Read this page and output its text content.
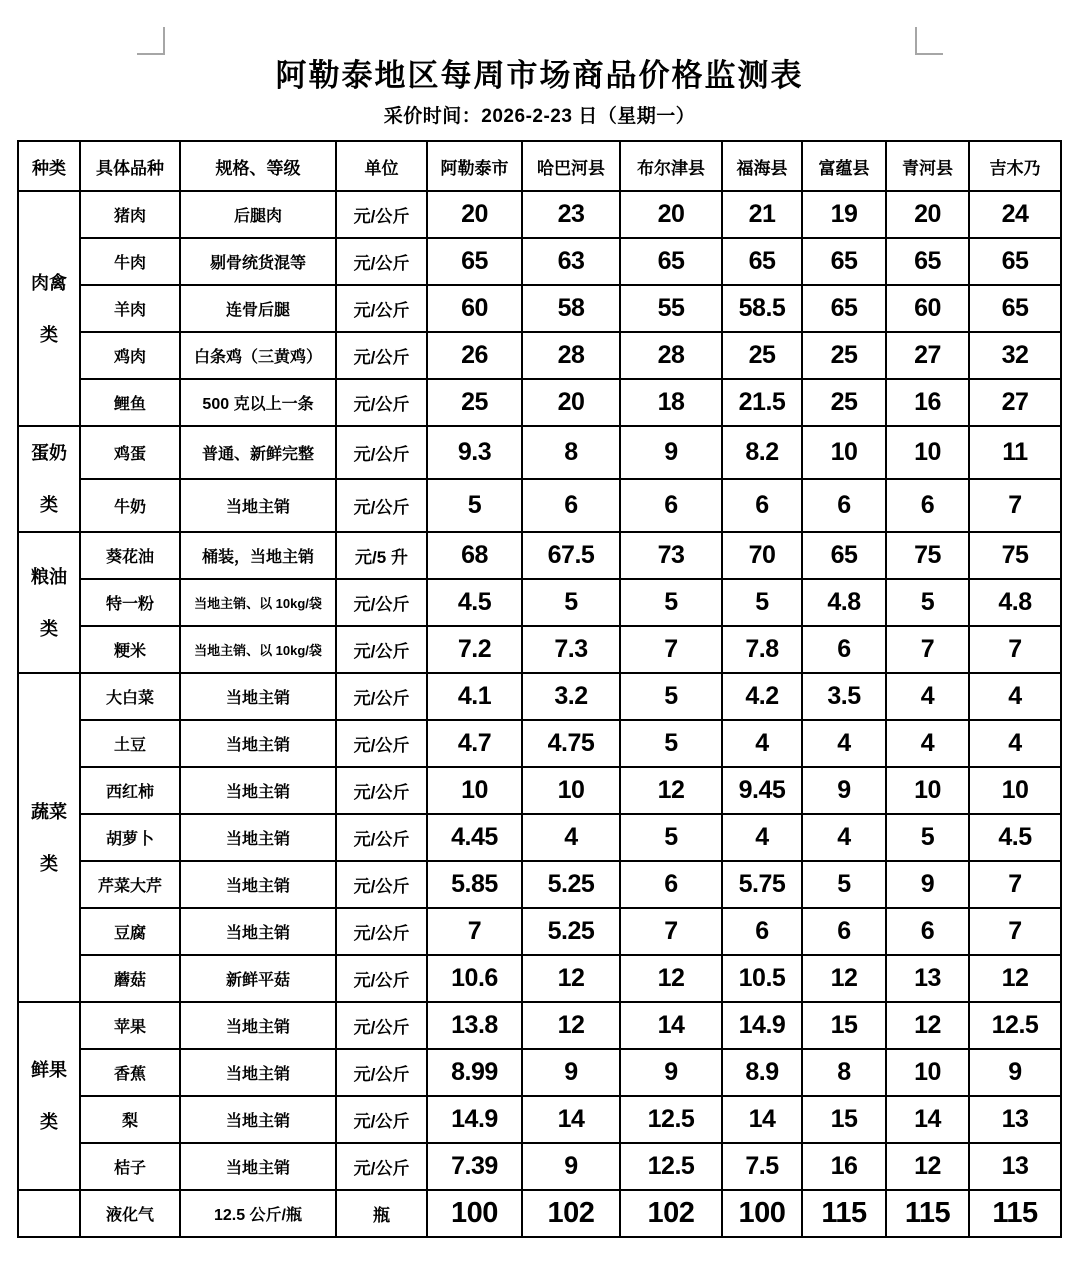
阿勒泰地区每周市场商品价格监测表
采价时间：2026-2-23 日（星期一）
种类	具体品种	规格、等级	单位	阿勒泰市	哈巴河县	布尔津县	福海县	富蕴县	青河县	吉木乃

肉禽
类	猪肉	后腿肉	元/公斤	20	23	20	21	19	20	24
	牛肉	剔骨统货混等	元/公斤	65	63	65	65	65	65	65
	羊肉	连骨后腿	元/公斤	60	58	55	58.5	65	60	65
	鸡肉	白条鸡（三黄鸡）	元/公斤	26	28	28	25	25	27	32
	鲤鱼	500 克以上一条	元/公斤	25	20	18	21.5	25	16	27

蛋奶
类	鸡蛋	普通、新鲜完整	元/公斤	9.3	8	9	8.2	10	10	11
	牛奶	当地主销	元/公斤	5	6	6	6	6	6	7

粮油
类	葵花油	桶装，当地主销	元/5 升	68	67.5	73	70	65	75	75
	特一粉	当地主销、以 10kg/袋	元/公斤	4.5	5	5	5	4.8	5	4.8
	粳米	当地主销、以 10kg/袋	元/公斤	7.2	7.3	7	7.8	6	7	7

蔬菜
类	大白菜	当地主销	元/公斤	4.1	3.2	5	4.2	3.5	4	4
	土豆	当地主销	元/公斤	4.7	4.75	5	4	4	4	4
	西红柿	当地主销	元/公斤	10	10	12	9.45	9	10	10
	胡萝卜	当地主销	元/公斤	4.45	4	5	4	4	5	4.5
	芹菜大芹	当地主销	元/公斤	5.85	5.25	6	5.75	5	9	7
	豆腐	当地主销	元/公斤	7	5.25	7	6	6	6	7
	蘑菇	新鲜平菇	元/公斤	10.6	12	12	10.5	12	13	12

鲜果
类	苹果	当地主销	元/公斤	13.8	12	14	14.9	15	12	12.5
	香蕉	当地主销	元/公斤	8.99	9	9	8.9	8	10	9
	梨	当地主销	元/公斤	14.9	14	12.5	14	15	14	13
	桔子	当地主销	元/公斤	7.39	9	12.5	7.5	16	12	13
	液化气	12.5 公斤/瓶	瓶	100	102	102	100	115	115	115
